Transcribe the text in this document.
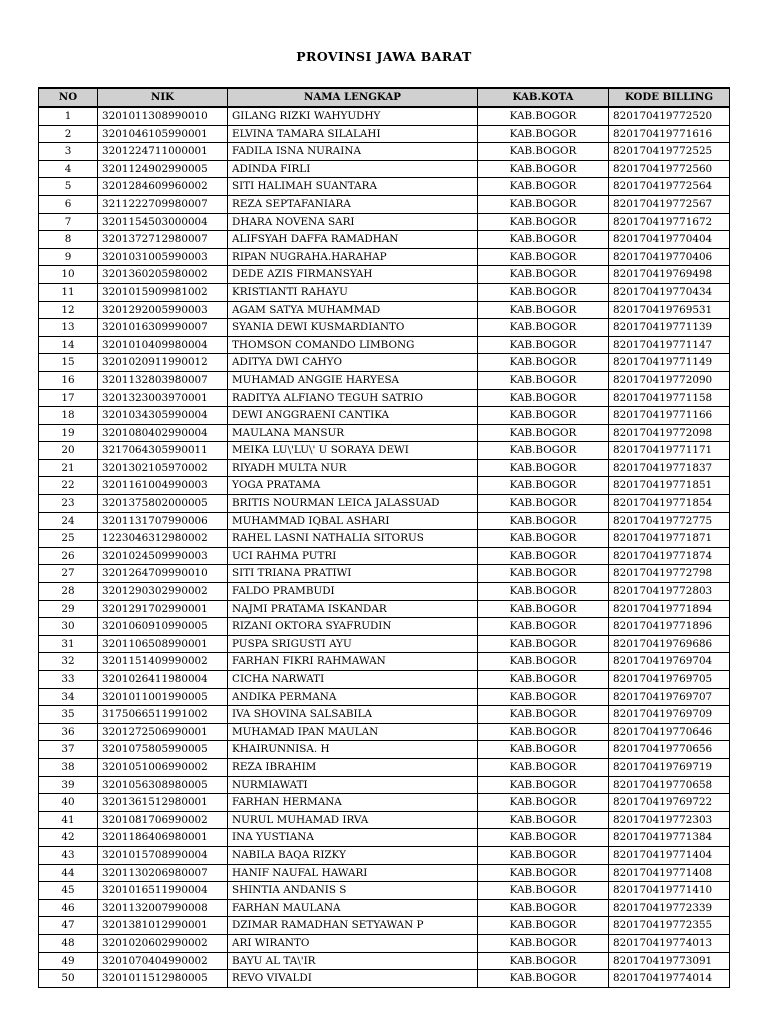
PROVINSI JAWA BARAT
NO	NIK	NAMA LENGKAP	KAB.KOTA	KODE BILLING
1	3201011308990010	GILANG RIZKI WAHYUDHY	KAB.BOGOR	820170419772520
2	3201046105990001	ELVINA TAMARA SILALAHI	KAB.BOGOR	820170419771616
3	3201224711000001	FADILA ISNA NURAINA	KAB.BOGOR	820170419772525
4	3201124902990005	ADINDA FIRLI	KAB.BOGOR	820170419772560
5	3201284609960002	SITI HALIMAH SUANTARA	KAB.BOGOR	820170419772564
6	3211222709980007	REZA SEPTAFANIARA	KAB.BOGOR	820170419772567
7	3201154503000004	DHARA NOVENA SARI	KAB.BOGOR	820170419771672
8	3201372712980007	ALIFSYAH DAFFA RAMADHAN	KAB.BOGOR	820170419770404
9	3201031005990003	RIPAN NUGRAHA.HARAHAP	KAB.BOGOR	820170419770406
10	3201360205980002	DEDE AZIS FIRMANSYAH	KAB.BOGOR	820170419769498
11	3201015909981002	KRISTIANTI RAHAYU	KAB.BOGOR	820170419770434
12	3201292005990003	AGAM SATYA MUHAMMAD	KAB.BOGOR	820170419769531
13	3201016309990007	SYANIA DEWI KUSMARDIANTO	KAB.BOGOR	820170419771139
14	3201010409980004	THOMSON COMANDO LIMBONG	KAB.BOGOR	820170419771147
15	3201020911990012	ADITYA DWI CAHYO	KAB.BOGOR	820170419771149
16	3201132803980007	MUHAMAD ANGGIE HARYESA	KAB.BOGOR	820170419772090
17	3201323003970001	RADITYA ALFIANO TEGUH SATRIO	KAB.BOGOR	820170419771158
18	3201034305990004	DEWI ANGGRAENI CANTIKA	KAB.BOGOR	820170419771166
19	3201080402990004	MAULANA MANSUR	KAB.BOGOR	820170419772098
20	3217064305990011	MEIKA LU\'LU\' U SORAYA DEWI	KAB.BOGOR	820170419771171
21	3201302105970002	RIYADH MULTA NUR	KAB.BOGOR	820170419771837
22	3201161004990003	YOGA PRATAMA	KAB.BOGOR	820170419771851
23	3201375802000005	BRITIS NOURMAN LEICA JALASSUAD	KAB.BOGOR	820170419771854
24	3201131707990006	MUHAMMAD IQBAL ASHARI	KAB.BOGOR	820170419772775
25	1223046312980002	RAHEL LASNI NATHALIA SITORUS	KAB.BOGOR	820170419771871
26	3201024509990003	UCI RAHMA PUTRI	KAB.BOGOR	820170419771874
27	3201264709990010	SITI TRIANA PRATIWI	KAB.BOGOR	820170419772798
28	3201290302990002	FALDO PRAMBUDI	KAB.BOGOR	820170419772803
29	3201291702990001	NAJMI PRATAMA ISKANDAR	KAB.BOGOR	820170419771894
30	3201060910990005	RIZANI OKTORA SYAFRUDIN	KAB.BOGOR	820170419771896
31	3201106508990001	PUSPA SRIGUSTI AYU	KAB.BOGOR	820170419769686
32	3201151409990002	FARHAN FIKRI RAHMAWAN	KAB.BOGOR	820170419769704
33	3201026411980004	CICHA NARWATI	KAB.BOGOR	820170419769705
34	3201011001990005	ANDIKA PERMANA	KAB.BOGOR	820170419769707
35	3175066511991002	IVA SHOVINA SALSABILA	KAB.BOGOR	820170419769709
36	3201272506990001	MUHAMAD IPAN MAULAN	KAB.BOGOR	820170419770646
37	3201075805990005	KHAIRUNNISA. H	KAB.BOGOR	820170419770656
38	3201051006990002	REZA IBRAHIM	KAB.BOGOR	820170419769719
39	3201056308980005	NURMIAWATI	KAB.BOGOR	820170419770658
40	3201361512980001	FARHAN HERMANA	KAB.BOGOR	820170419769722
41	3201081706990002	NURUL MUHAMAD IRVA	KAB.BOGOR	820170419772303
42	3201186406980001	INA YUSTIANA	KAB.BOGOR	820170419771384
43	3201015708990004	NABILA BAQA RIZKY	KAB.BOGOR	820170419771404
44	3201130206980007	HANIF NAUFAL HAWARI	KAB.BOGOR	820170419771408
45	3201016511990004	SHINTIA ANDANIS S	KAB.BOGOR	820170419771410
46	3201132007990008	FARHAN MAULANA	KAB.BOGOR	820170419772339
47	3201381012990001	DZIMAR RAMADHAN SETYAWAN P	KAB.BOGOR	820170419772355
48	3201020602990002	ARI WIRANTO	KAB.BOGOR	820170419774013
49	3201070404990002	BAYU AL TA\'IR	KAB.BOGOR	820170419773091
50	3201011512980005	REVO VIVALDI	KAB.BOGOR	820170419774014
